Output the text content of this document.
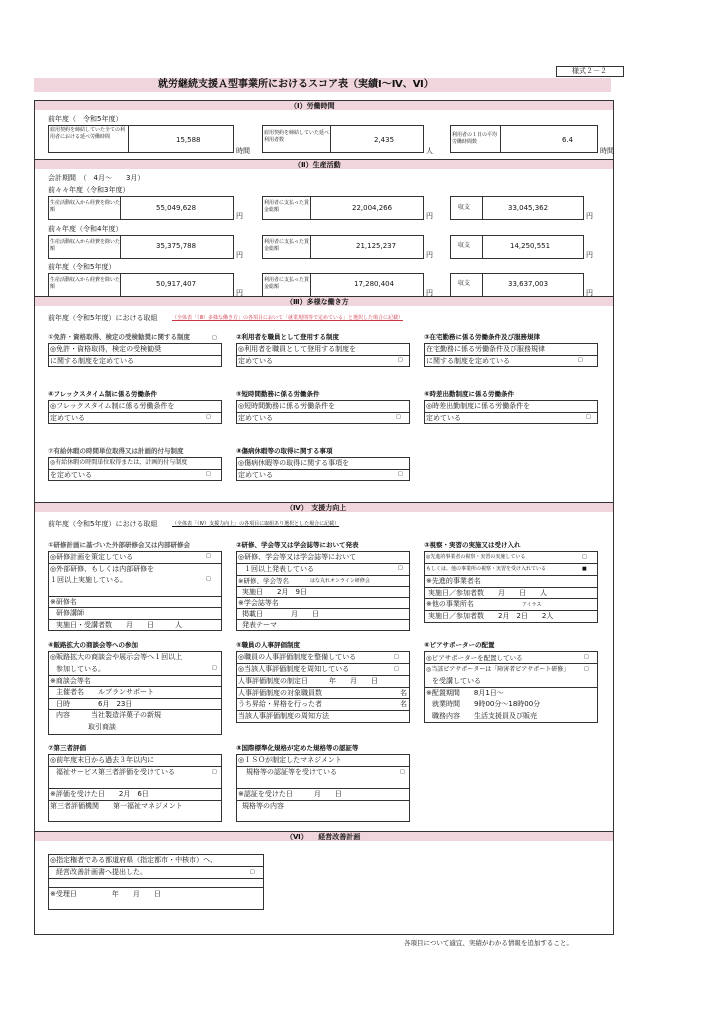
様式２－２
就労継続支援Ａ型事業所におけるスコア表（実績Ⅰ～Ⅳ、Ⅵ）
（Ⅰ）労働時間
前年度（　令和5年度）
雇用契約を締結していた全ての利用者における延べ労働時間	15,588
時間
雇用契約を締結していた延べ利用者数	2,435
人
利用者の１日の平均労働時間数	6.4
時間
（Ⅱ）生産活動
会計期間　（　4月～　　3月）
前々々年度（令和3年度）
生産活動収入から経費を除いた額	55,049,628
円
利用者に支払った賃金総額	22,004,266
円
収支	33,045,362
円
前々年度（令和4年度）
生産活動収入から経費を除いた額	35,375,788
円
利用者に支払った賃金総額	21,125,237
円
収支	14,250,551
円
前年度（令和5年度）
生産活動収入から経費を除いた額	50,917,407
円
利用者に支払った賃金総額	17,280,404
円
収支	33,637,003
円
（Ⅲ）多様な働き方
前年度（令和5年度）における取組	（全体表「（Ⅲ）多様な働き方」の各項目において「就業規則等で定めている」と選択した場合に記載）
①免許・資格取得、検定の受検勧奨に関する制度
◎免許・資格取得，検定の受検勧奨
に関する制度を定めている
□	②利用者を職員として登用する制度
◎利用者を職員として登用する制度を
定めている	□
③在宅勤務に係る労働条件及び服務規律
在宅勤務に係る労働条件及び服務規律
に関する制度を定めている	□
④フレックスタイム制に係る労働条件
◎フレックスタイム制に係る労働条件を
定めている	□
⑤短時間勤務に係る労働条件
◎短時間勤務に係る労働条件を
定めている	□
⑥時差出勤制度に係る労働条件
◎時差出勤制度に係る労働条件を
定めている	□
⑦有給休暇の時間単位取得又は計画的付与制度
◎有給休暇の時間単位取得または、計画的付与制度
を定めている	□
⑧傷病休暇等の取得に関する事項
◎傷病休暇等の取得に関する事項を
定めている	□
（Ⅳ）　支援力向上
前年度（令和5年度）における取組	（全体表「（Ⅳ）支援力向上」の各項目に取組あり選択とした場合に記載）
①研修計画に基づいた外部研修会又は内部研修会
◎研修計画を策定している
◎外部研修、もしくは内部研修を
１回以上実施している。
※研修名
研修講師
実施日・受講者数　　月　　日　　　人
□
□
②研修、学会等又は学会誌等において発表
◎研修、学会等又は学会誌等において
１回以上発表している
※研修、学会等名	はな丸れオンライン研修会
実施日　　2月　9日
※学会誌等名
掲載日　　　　月　　日
発表テーマ
□
③視察・実習の実施又は受け入れ
◎先進的事業者の視察・実習の実施している
もしくは、他の事業所の視察・実習を受け入れている
※先進的事業者名
実施日／参加者数　　月　　日　　人
※他の事業所名	アイラス
実施日／参加者数　　2月　2日　　2人
□
■
④販路拡大の商談会等への参加
◎販路拡大の商談会や展示会等へ１回以上
参加している。
※商談会等名
主催者名　　ルブランサポート
日時　　　　6月　23日
内容　　　当社製造洋菓子の新規
取引商談
□
⑤職員の人事評価制度
◎職員の人事評価制度を整備している
◎当該人事評価制度を周知している
人事評価制度の制定日　　　年　　月　　日
人事評価制度の対象職員数	名
うち昇給・昇格を行った者	名
当該人事評価制度の周知方法
□
□
⑥ピアサポーターの配置
◎ピアサポーターを配置している
◎当該ピアサポーターは「障害者ピアサポート研修」
を受講している
※配置期間　　8月1日～
就業時間　　9時00分～18時00分
職務内容　　生活支援員及び販売
□
□
⑦第三者評価
◎前年度末日から過去３年以内に
福祉サービス第三者評価を受けている
※評価を受けた日　　2月　6日
第三者評価機関　　第一福祉マネジメント
□
⑧国際標準化規格が定めた規格等の認証等
◎ＩＳＯが制定したマネジメント
規格等の認証等を受けている
※認証を受けた日　　　月　　日
規格等の内容
□
（Ⅵ）　　経営改善計画
◎指定権者である都道府県（指定都市・中核市）へ、
経営改善計画書へ提出した。
※受理日　　　　　年　　月　　日
□
各項目について適宜、実績がわかる情報を追加すること。
